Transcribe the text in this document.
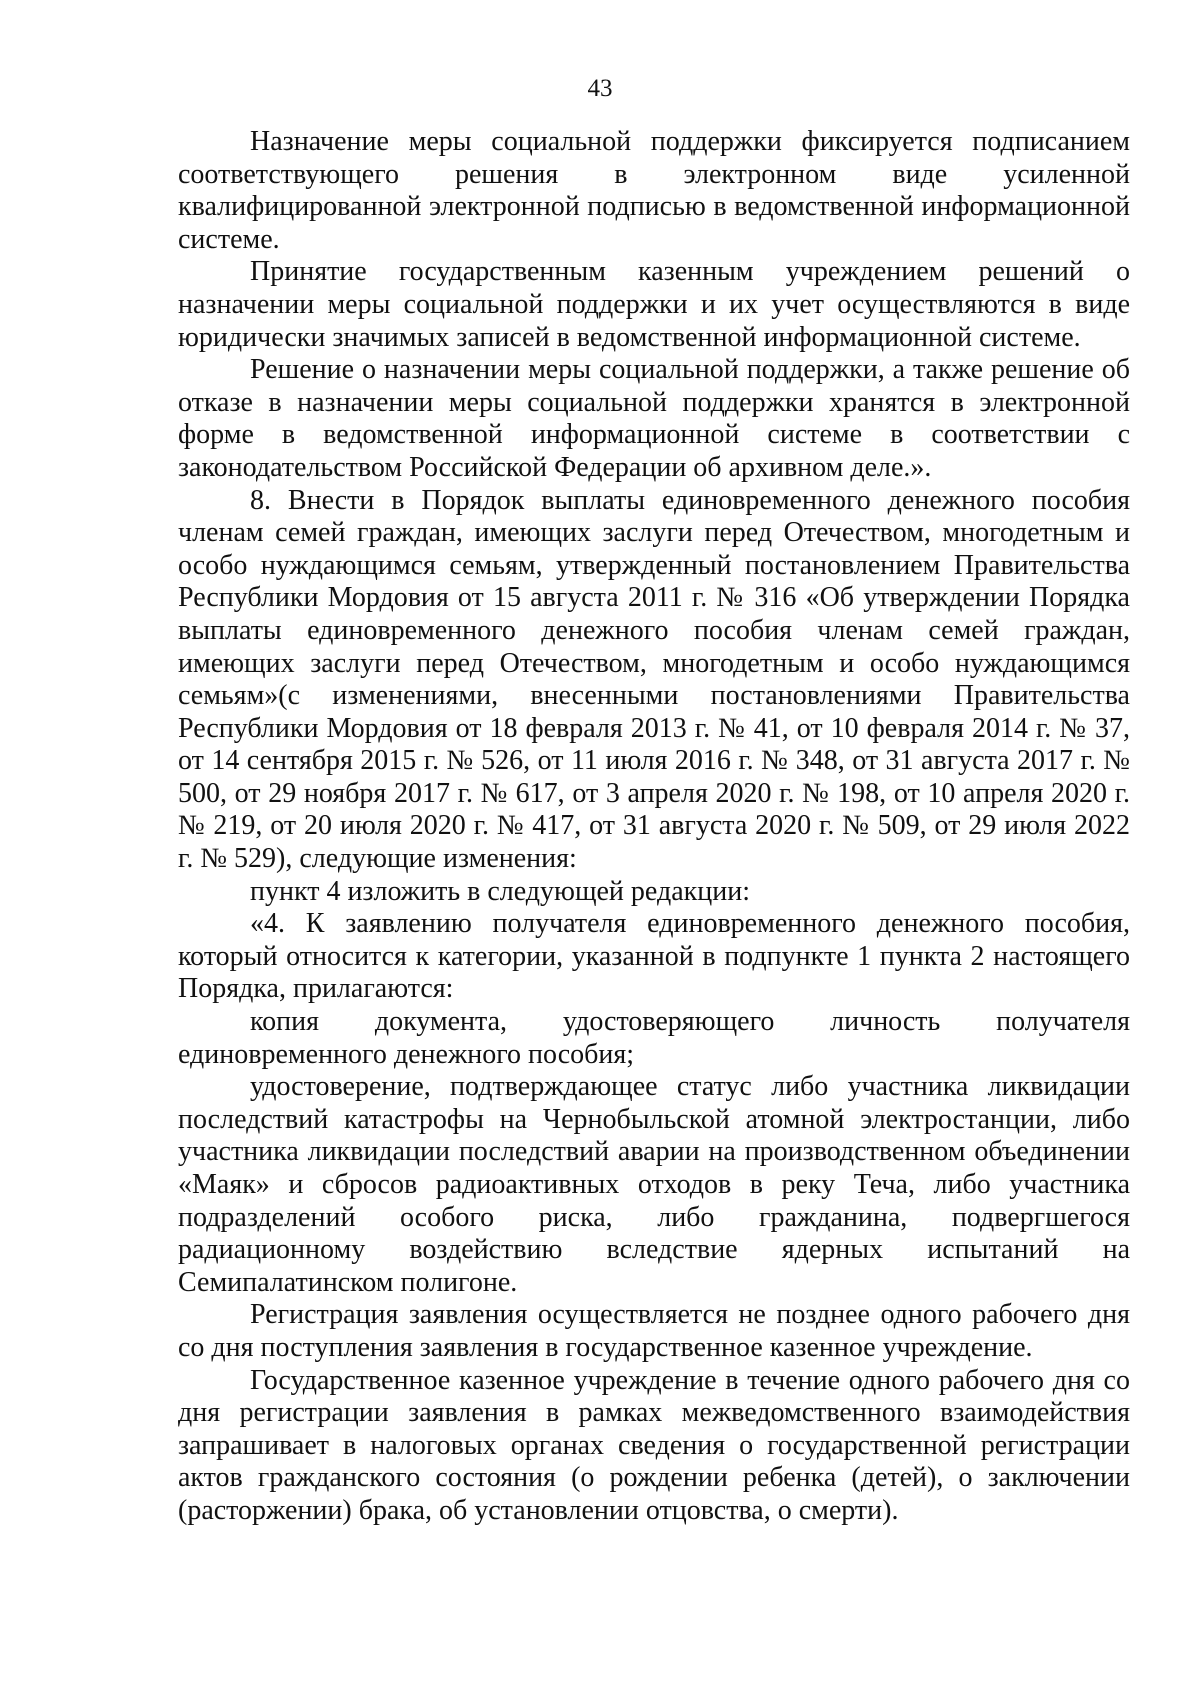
43

Назначение меры социальной поддержки фиксируется подписанием соответствующего решения в электронном виде усиленной квалифицированной электронной подписью в ведомственной информационной системе.

Принятие государственным казенным учреждением решений о назначении меры социальной поддержки и их учет осуществляются в виде юридически значимых записей в ведомственной информационной системе.

Решение о назначении меры социальной поддержки, а также решение об отказе в назначении меры социальной поддержки хранятся в электронной форме в ведомственной информационной системе в соответствии с законодательством Российской Федерации об архивном деле.».

8. Внести в Порядок выплаты единовременного денежного пособия членам семей граждан, имеющих заслуги перед Отечеством, многодетным и особо нуждающимся семьям, утвержденный постановлением Правительства Республики Мордовия от 15 августа 2011 г. № 316 «Об утверждении Порядка выплаты единовременного денежного пособия членам семей граждан, имеющих заслуги перед Отечеством, многодетным и особо нуждающимся семьям»(с изменениями, внесенными постановлениями Правительства Республики Мордовия от 18 февраля 2013 г. № 41, от 10 февраля 2014 г. № 37, от 14 сентября 2015 г. № 526, от 11 июля 2016 г. № 348, от 31 августа 2017 г. № 500, от 29 ноября 2017 г. № 617, от 3 апреля 2020 г. № 198, от 10 апреля 2020 г. № 219, от 20 июля 2020 г. № 417, от 31 августа 2020 г. № 509, от 29 июля 2022 г. № 529), следующие изменения:

пункт 4 изложить в следующей редакции:

«4. К заявлению получателя единовременного денежного пособия, который относится к категории, указанной в подпункте 1 пункта 2 настоящего Порядка, прилагаются:

копия документа, удостоверяющего личность получателя единовременного денежного пособия;

удостоверение, подтверждающее статус либо участника ликвидации последствий катастрофы на Чернобыльской атомной электростанции, либо участника ликвидации последствий аварии на производственном объединении «Маяк» и сбросов радиоактивных отходов в реку Теча, либо участника подразделений особого риска, либо гражданина, подвергшегося радиационному воздействию вследствие ядерных испытаний на Семипалатинском полигоне.

Регистрация заявления осуществляется не позднее одного рабочего дня со дня поступления заявления в государственное казенное учреждение.

Государственное казенное учреждение в течение одного рабочего дня со дня регистрации заявления в рамках межведомственного взаимодействия запрашивает в налоговых органах сведения о государственной регистрации актов гражданского состояния (о рождении ребенка (детей), о заключении (расторжении) брака, об установлении отцовства, о смерти).
